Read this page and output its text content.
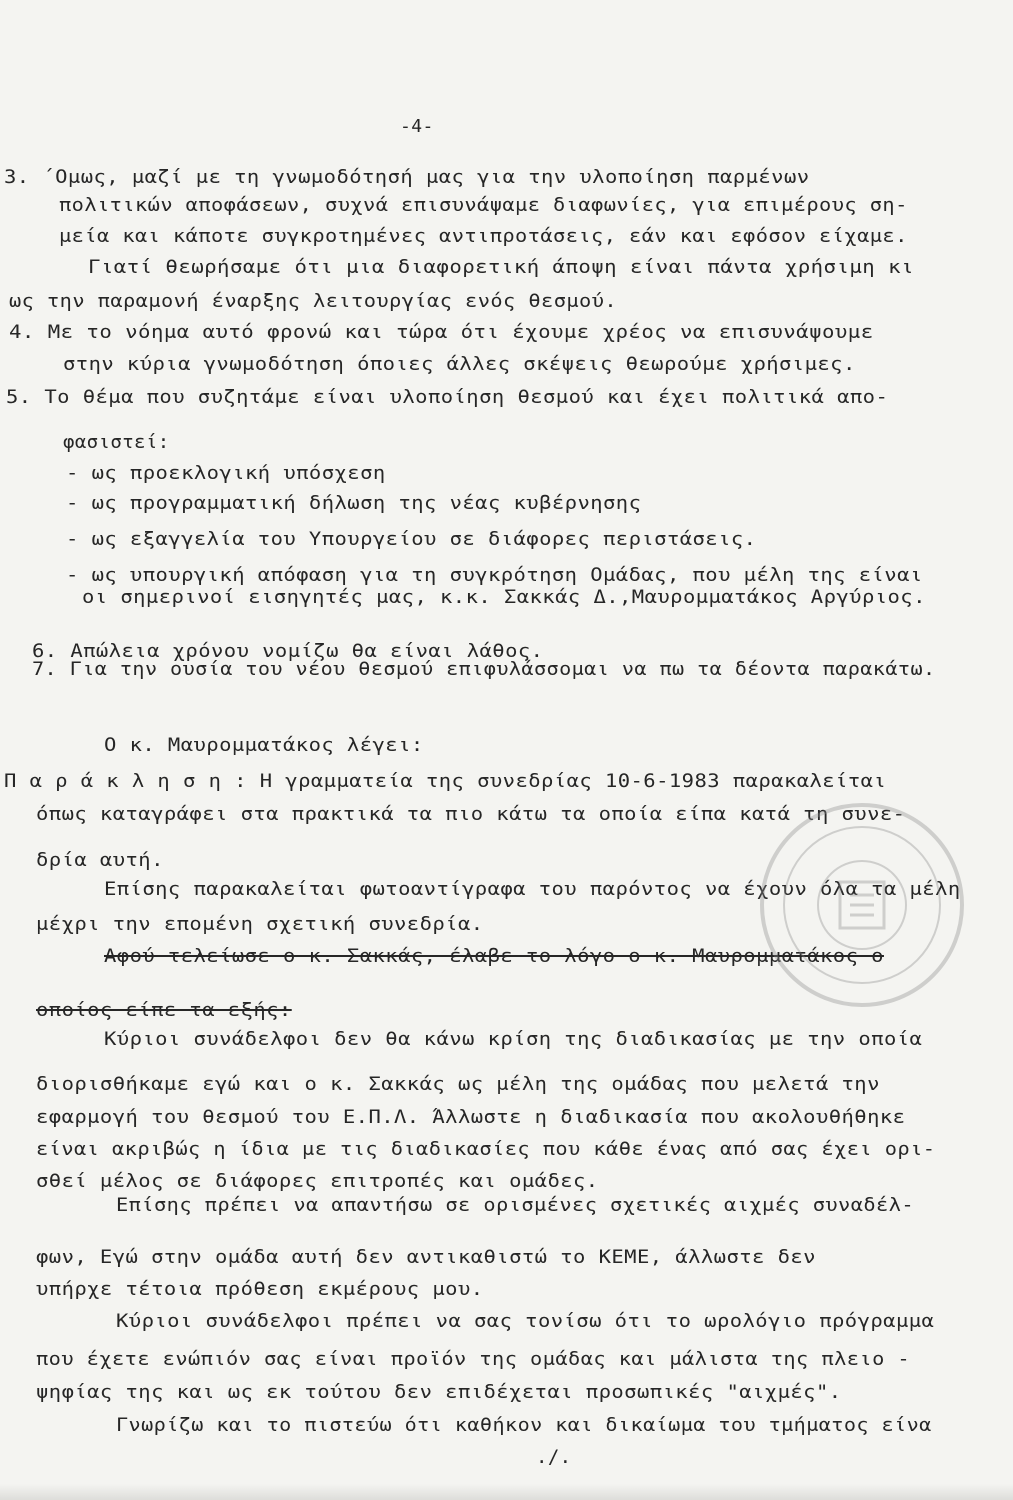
-4-
3. ΄Ομως, μαζί με τη γνωμοδότησή μας για την υλοποίηση παρμένων
πολιτικών αποφάσεων, συχνά επισυνάψαμε διαφωνίες, για επιμέρους ση-
μεία και κάποτε συγκροτημένες αντιπροτάσεις, εάν και εφόσον είχαμε.
Γιατί θεωρήσαμε ότι μια διαφορετική άποψη είναι πάντα χρήσιμη κι
ως την παραμονή έναρξης λειτουργίας ενός θεσμού.
4. Με το νόημα αυτό φρονώ και τώρα ότι έχουμε χρέος να επισυνάψουμε
στην κύρια γνωμοδότηση όποιες άλλες σκέψεις θεωρούμε χρήσιμες.
5. Το θέμα που συζητάμε είναι υλοποίηση θεσμού και έχει πολιτικά απο-
φασιστεί:
- ως προεκλογική υπόσχεση
- ως προγραμματική δήλωση της νέας κυβέρνησης
- ως εξαγγελία του Υπουργείου σε διάφορες περιστάσεις.
- ως υπουργική απόφαση για τη συγκρότηση Ομάδας, που μέλη της είναι
οι σημερινοί εισηγητές μας, κ.κ. Σακκάς Δ.,Μαυρομματάκος Αργύριος.
6. Απώλεια χρόνου νομίζω θα είναι λάθος.
7. Για την ουσία του νέου θεσμού επιφυλάσσομαι να πω τα δέοντα παρακάτω.
Ο κ. Μαυρομματάκος λέγει:
Π α ρ ά κ λ η σ η : Η γραμματεία της συνεδρίας 10-6-1983 παρακαλείται
όπως καταγράφει στα πρακτικά τα πιο κάτω τα οποία είπα κατά τη συνε-
δρία αυτή.
Επίσης παρακαλείται φωτοαντίγραφα του παρόντος να έχουν όλα τα μέλη
μέχρι την επομένη σχετική συνεδρία.
Αφού τελείωσε ο κ. Σακκάς, έλαβε το λόγο ο κ. Μαυρομματάκος ο
οποίος είπε τα εξής:
Κύριοι συνάδελφοι δεν θα κάνω κρίση της διαδικασίας με την οποία
διορισθήκαμε εγώ και ο κ. Σακκάς ως μέλη της ομάδας που μελετά την
εφαρμογή του θεσμού του Ε.Π.Λ. Άλλωστε η διαδικασία που ακολουθήθηκε
είναι ακριβώς η ίδια με τις διαδικασίες που κάθε ένας από σας έχει ορι-
σθεί μέλος σε διάφορες επιτροπές και ομάδες.
Επίσης πρέπει να απαντήσω σε ορισμένες σχετικές αιχμές συναδέλ-
φων, Εγώ στην ομάδα αυτή δεν αντικαθιστώ το ΚΕΜΕ, άλλωστε δεν
υπήρχε τέτοια πρόθεση εκμέρους μου.
Κύριοι συνάδελφοι πρέπει να σας τονίσω ότι το ωρολόγιο πρόγραμμα
που έχετε ενώπιόν σας είναι προϊόν της ομάδας και μάλιστα της πλειο -
ψηφίας της και ως εκ τούτου δεν επιδέχεται προσωπικές "αιχμές".
Γνωρίζω και το πιστεύω ότι καθήκον και δικαίωμα του τμήματος είνα
./.
